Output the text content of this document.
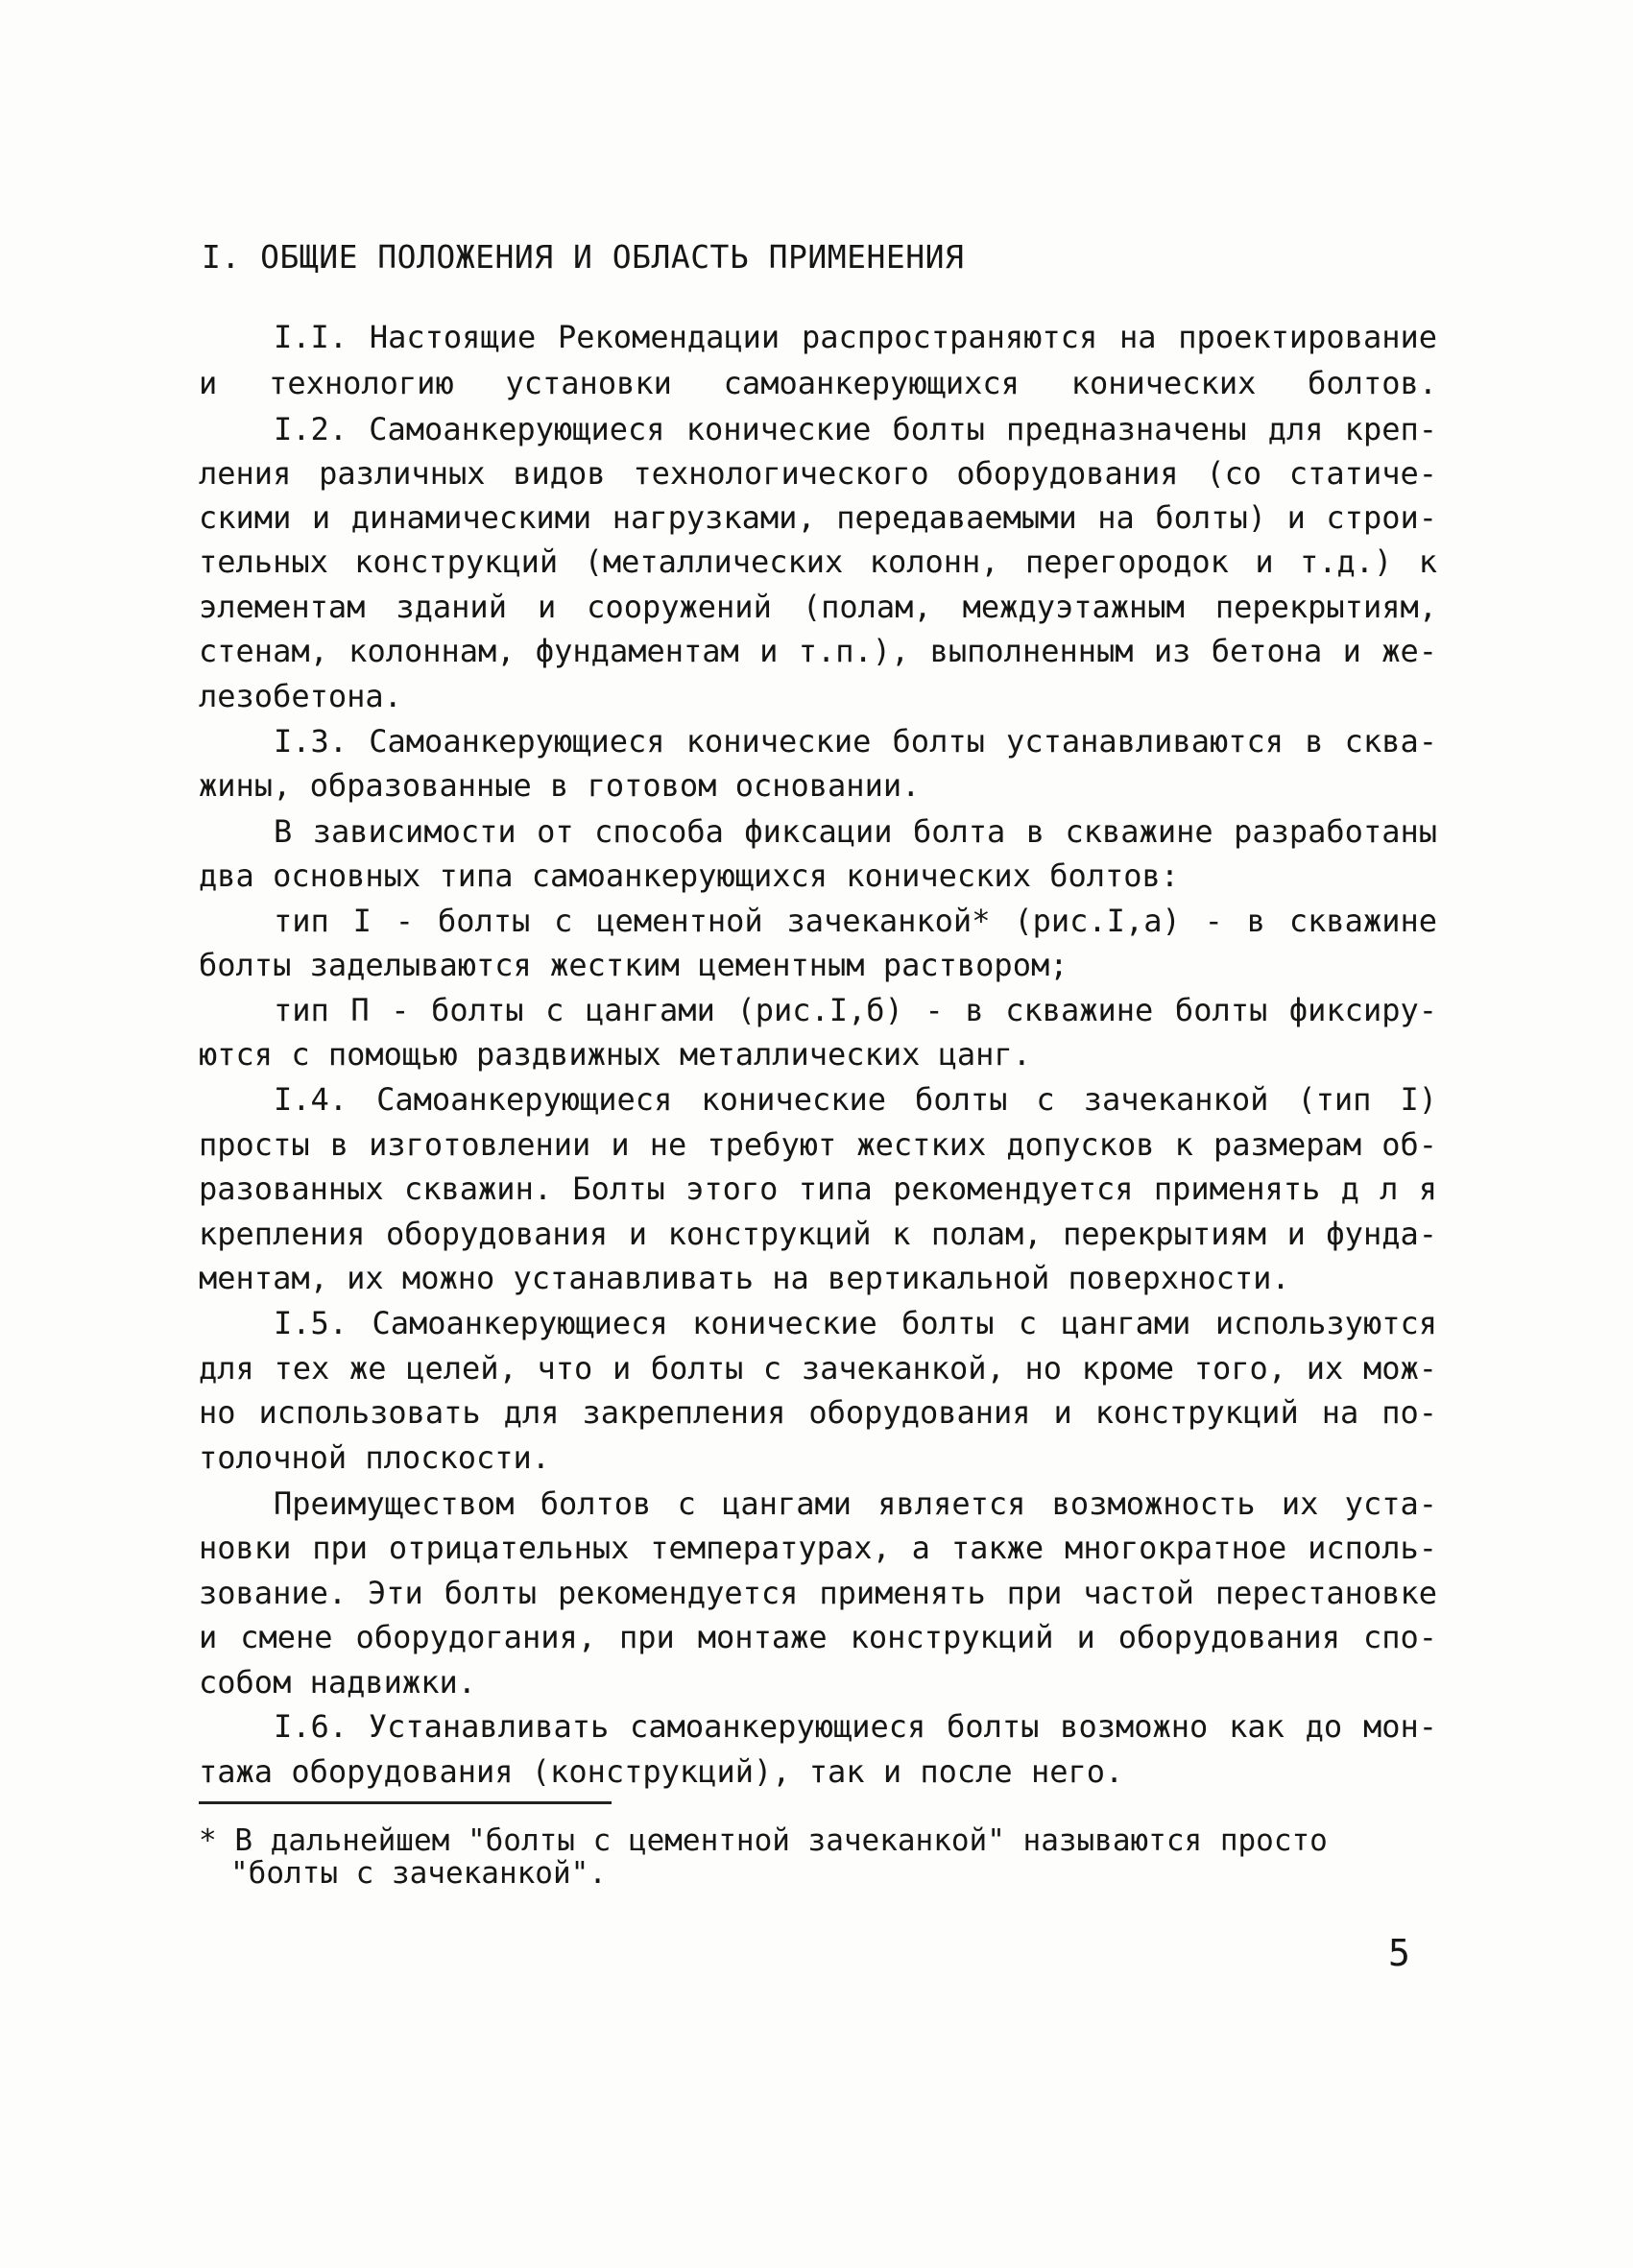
I. ОБЩИЕ ПОЛОЖЕНИЯ И ОБЛАСТЬ ПРИМЕНЕНИЯ
I.I. Настоящие Рекомендации распространяются на проектирование
и технологию установки самоанкерующихся конических болтов.
I.2. Самоанкерующиеся конические болты предназначены для креп-
ления различных видов технологического оборудования (со статиче-
скими и динамическими нагрузками, передаваемыми на болты) и строи-
тельных конструкций (металлических колонн, перегородок и т.д.) к
элементам зданий и сооружений (полам, междуэтажным перекрытиям,
стенам, колоннам, фундаментам и т.п.), выполненным из бетона и же-
лезобетона.
I.3. Самоанкерующиеся конические болты устанавливаются в сква-
жины, образованные в готовом основании.
В зависимости от способа фиксации болта в скважине разработаны
два основных типа самоанкерующихся конических болтов:
тип I - болты с цементной зачеканкой* (рис.I,а) - в скважине
болты заделываются жестким цементным раствором;
тип П - болты с цангами (рис.I,б) - в скважине болты фиксиру-
ются с помощью раздвижных металлических цанг.
I.4. Самоанкерующиеся конические болты с зачеканкой (тип I)
просты в изготовлении и не требуют жестких допусков к размерам об-
разованных скважин. Болты этого типа рекомендуется применять д л я
крепления оборудования и конструкций к полам, перекрытиям и фунда-
ментам, их можно устанавливать на вертикальной поверхности.
I.5. Самоанкерующиеся конические болты с цангами используются
для тех же целей, что и болты с зачеканкой, но кроме того, их мож-
но использовать для закрепления оборудования и конструкций на по-
толочной плоскости.
Преимуществом болтов с цангами является возможность их уста-
новки при отрицательных температурах, а также многократное исполь-
зование. Эти болты рекомендуется применять при частой перестановке
и смене оборудогания, при монтаже конструкций и оборудования спо-
собом надвижки.
I.6. Устанавливать самоанкерующиеся болты возможно как до мон-
тажа оборудования (конструкций), так и после него.
* В дальнейшем "болты с цементной зачеканкой" называются просто
"болты с зачеканкой".
5
